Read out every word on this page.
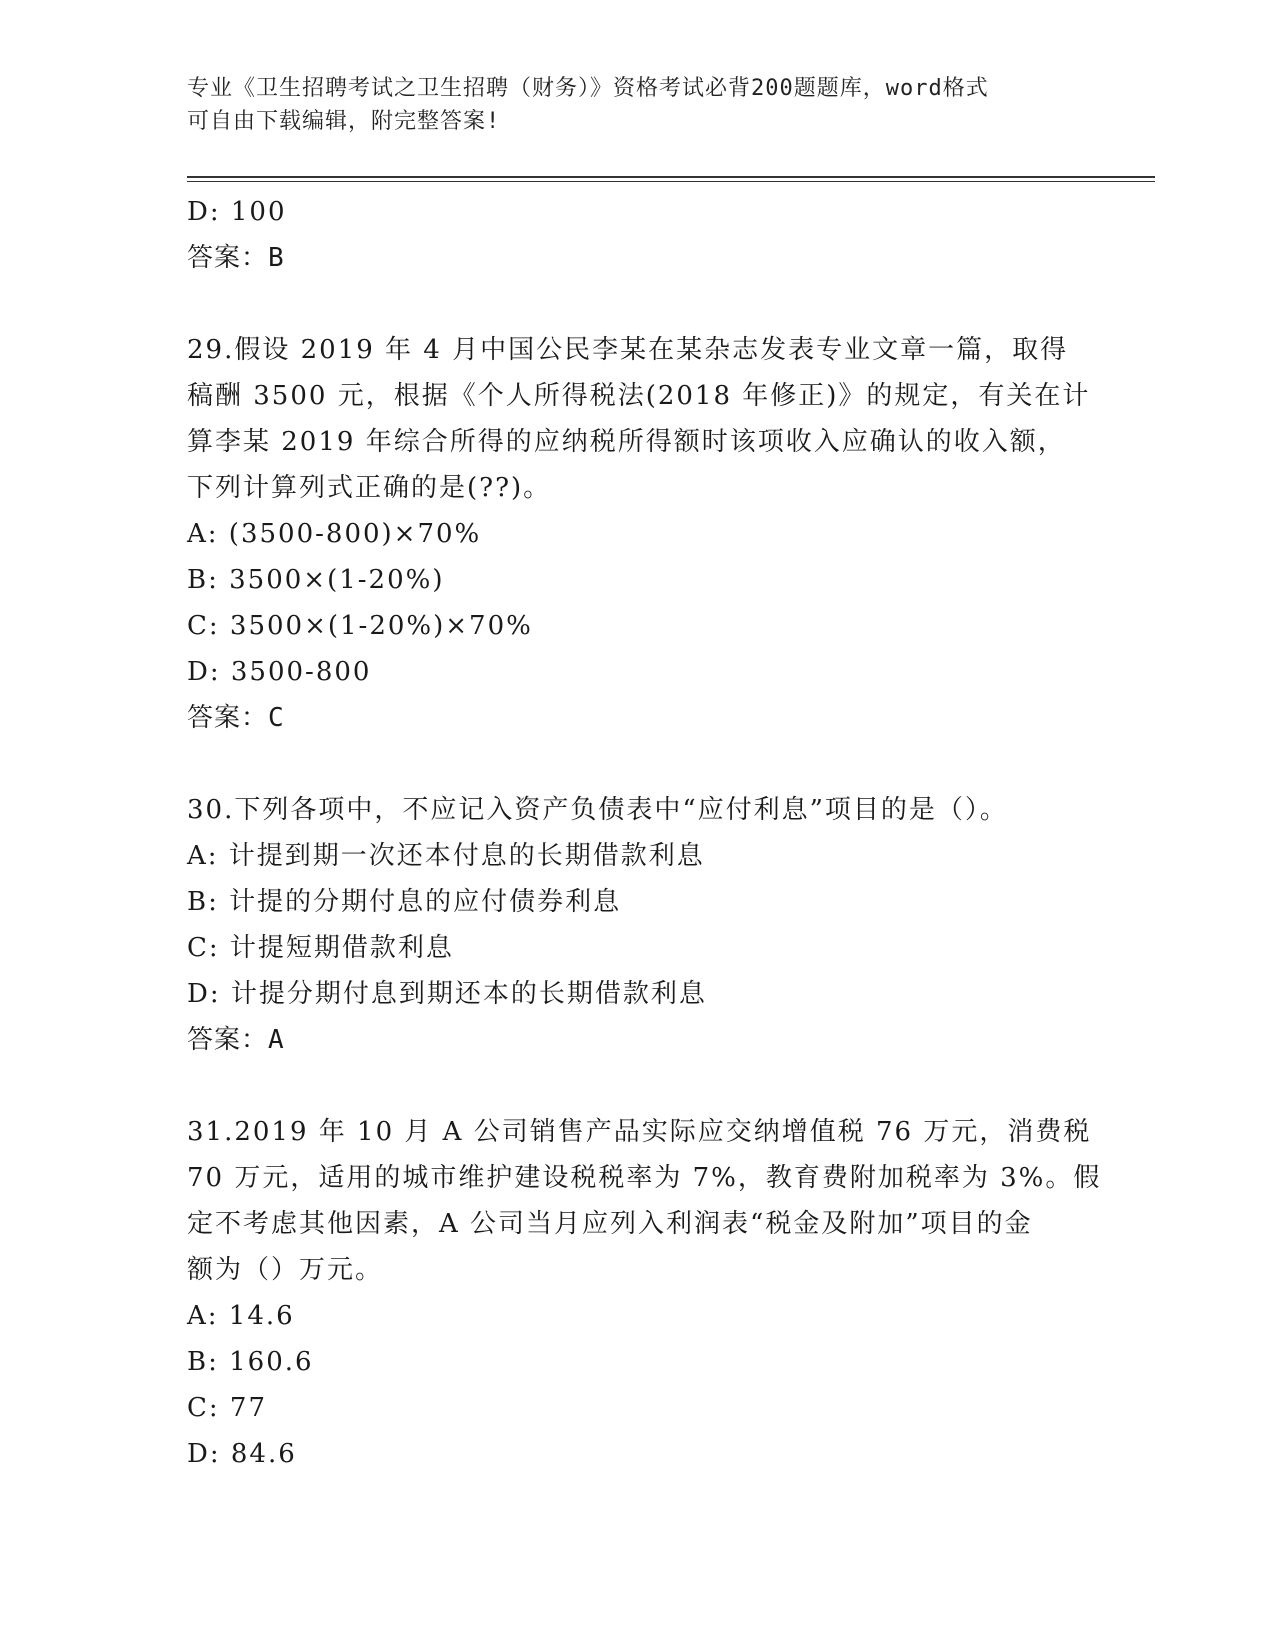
专业《卫生招聘考试之卫生招聘（财务）》资格考试必背200题题库，word格式
可自由下载编辑，附完整答案!
D: 100
答案：B
29.假设 2019 年 4 月中国公民李某在某杂志发表专业文章一篇，取得
稿酬 3500 元，根据《个人所得税法(2018 年修正)》的规定，有关在计
算李某 2019 年综合所得的应纳税所得额时该项收入应确认的收入额，
下列计算列式正确的是(??)。
A: (3500-800)×70%
B: 3500×(1-20%)
C: 3500×(1-20%)×70%
D: 3500-800
答案：C
30.下列各项中，不应记入资产负债表中“应付利息”项目的是（）。
A: 计提到期一次还本付息的长期借款利息
B: 计提的分期付息的应付债券利息
C: 计提短期借款利息
D: 计提分期付息到期还本的长期借款利息
答案：A
31.2019 年 10 月 A 公司销售产品实际应交纳增值税 76 万元，消费税
70 万元，适用的城市维护建设税税率为 7%，教育费附加税率为 3%。假
定不考虑其他因素，A 公司当月应列入利润表“税金及附加”项目的金
额为（）万元。
A: 14.6
B: 160.6
C: 77
D: 84.6
